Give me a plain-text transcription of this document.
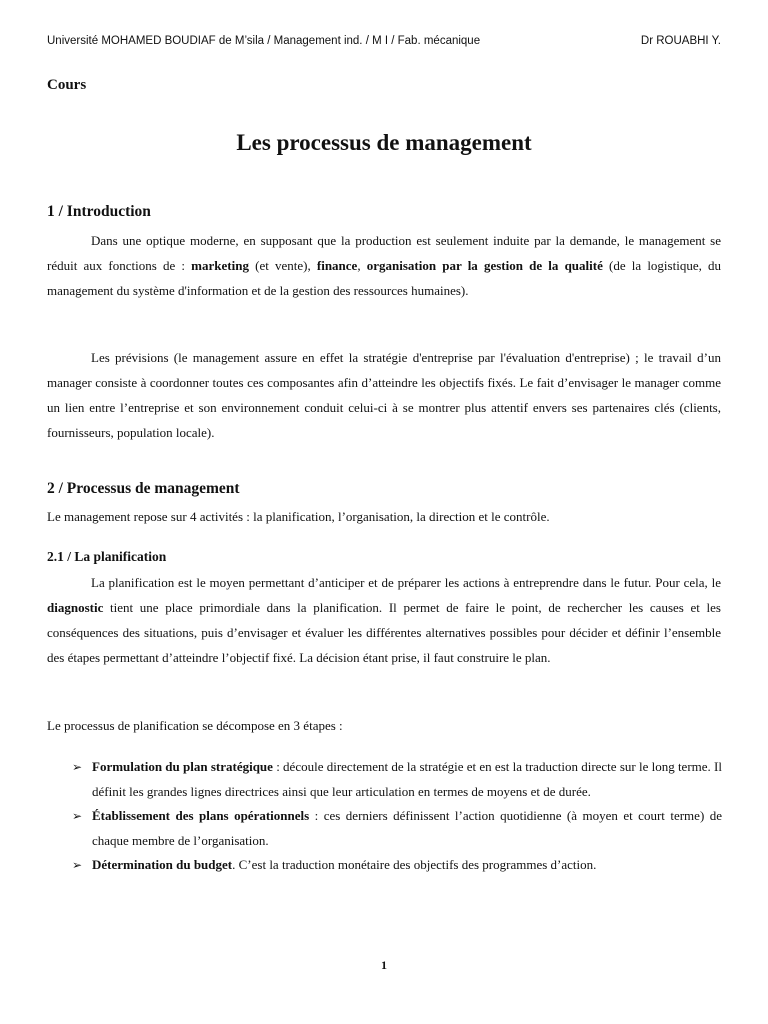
Université MOHAMED BOUDIAF de M’sila / Management ind. / M I / Fab. mécanique	Dr ROUABHI Y.
Cours
Les processus de management
1 / Introduction
Dans une optique moderne, en supposant que la production est seulement induite par la demande, le management se réduit aux fonctions de : marketing (et vente), finance, organisation par la gestion de la qualité (de la logistique, du management du système d'information et de la gestion des ressources humaines).
Les prévisions (le management assure en effet la stratégie d'entreprise par l'évaluation d'entreprise) ; le travail d’un manager consiste à coordonner toutes ces composantes afin d’atteindre les objectifs fixés. Le fait d’envisager le manager comme un lien entre l’entreprise et son environnement conduit celui-ci à se montrer plus attentif envers ses partenaires clés (clients, fournisseurs, population locale).
2 / Processus de management
Le management repose sur 4 activités : la planification, l’organisation, la direction et le contrôle.
2.1 / La planification
La planification est le moyen permettant d’anticiper et de préparer les actions à entreprendre dans le futur. Pour cela, le diagnostic tient une place primordiale dans la planification. Il permet de faire le point, de rechercher les causes et les conséquences des situations, puis d’envisager et évaluer les différentes alternatives possibles pour décider et définir l’ensemble des étapes permettant d’atteindre l’objectif fixé. La décision étant prise, il faut construire le plan.
Le processus de planification se décompose en 3 étapes :
➢ Formulation du plan stratégique : découle directement de la stratégie et en est la traduction directe sur le long terme. Il définit les grandes lignes directrices ainsi que leur articulation en termes de moyens et de durée.
➢ Établissement des plans opérationnels : ces derniers définissent l’action quotidienne (à moyen et court terme) de chaque membre de l’organisation.
➢ Détermination du budget. C’est la traduction monétaire des objectifs des programmes d’action.
1
